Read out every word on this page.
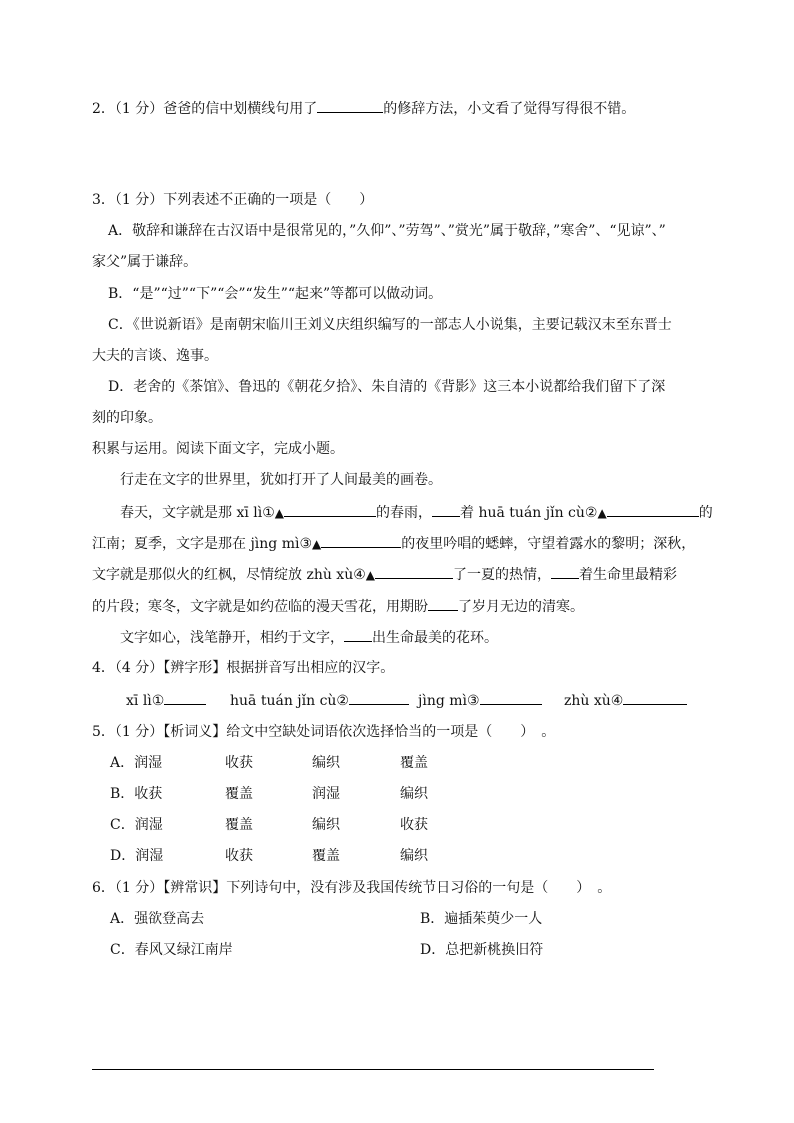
2．（1 分）爸爸的信中划横线句用了	的修辞方法，小文看了觉得写得很不错。
3．（1 分）下列表述不正确的一项是（　　）
A．敬辞和谦辞在古汉语中是很常见的，”久仰”、”劳驾”、”赏光”属于敬辞，”寒舍”、“见谅”、”
家父”属于谦辞。
B．“是”“过”“下”“会”“发生”“起来”等都可以做动词。
C．《世说新语》是南朝宋临川王刘义庆组织编写的一部志人小说集，主要记载汉末至东晋士
大夫的言谈、逸事。
D．老舍的《茶馆》、鲁迅的《朝花夕拾》、朱自清的《背影》这三本小说都给我们留下了深
刻的印象。
积累与运用。阅读下面文字，完成小题。
行走在文字的世界里，犹如打开了人间最美的画卷。
春天，文字就是那 xī lì①▲	的春雨， 着 huā tuán jǐn cù②▲	的
江南；夏季，文字是那在 jìng mì③▲	的夜里吟唱的蟋蟀，守望着露水的黎明；深秋，
文字就是那似火的红枫，尽情绽放 zhù xù④▲	了一夏的热情， 着生命里最精彩
的片段；寒冬，文字就是如约莅临的漫天雪花，用期盼 了岁月无边的清寒。
文字如心，浅笔静开，相约于文字， 出生命最美的花环。
4．（4 分）【辨字形】根据拼音写出相应的汉字。
xī lì①	huā tuán jǐn cù②	jìng mì③	zhù xù④
5．（1 分）【析词义】给文中空缺处词语依次选择恰当的一项是（　　）　。
A．润湿	收获	编织	覆盖
B．收获	覆盖	润湿	编织
C．润湿	覆盖	编织	收获
D．润湿	收获	覆盖	编织
6．（1 分）【辨常识】下列诗句中，没有涉及我国传统节日习俗的一句是（　　）　。
A．强欲登高去	B．遍插茱萸少一人
C．春风又绿江南岸	D．总把新桃换旧符
